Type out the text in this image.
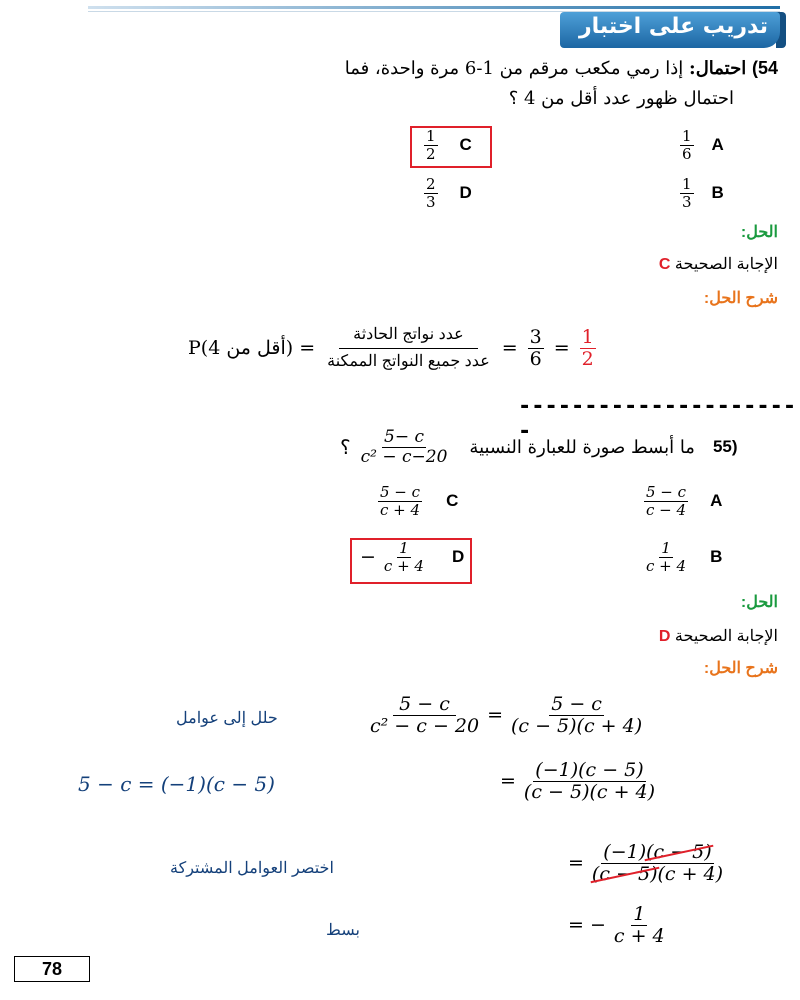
تدريب على اختبار
54) احتمال: إذا رمي مكعب مرقم من 1-6 مرة واحدة، فما
احتمال ظهور عدد أقل من 4 ؟
$\frac{1}{6}$ A
$\frac{1}{3}$ B
$\frac{1}{2}$ C
$\frac{2}{3}$ D
الحل:
الإجابة الصحيحة C
شرح الحل:
P(4 أقل من) = $\frac{\text{عدد نواتج الحادثة}}{\text{عدد جميع النواتج الممكنة}} = \frac{3}{6} = \frac{1}{2}$
----------------------
؟ $\frac{5- c}{\text{c² − c−20}}$ ما أبسط صورة للعبارة النسبية 55)
$\frac{5 - c}{c - 4}$ A
$\frac{1}{c + 4}$ B
$\frac{5 - c}{c + 4}$ C
− $\frac{1}{c + 4}$ D
الحل:
الإجابة الصحيحة D
شرح الحل:
حلل إلى عوامل	$\frac{5 - c}{\text{c² − c − 20}} = \frac{5 - c}{(c - 5)(c + 4)}$
5 − c = (−1)(c − 5)	= $\frac{(-1)(c - 5)}{(c - 5)(c + 4)}$
اختصر العوامل المشتركة	= $\frac{(-1)(c - 5)}{(c - 5)(c + 4)}$
بسط	= − $\frac{1}{c + 4}$
78
